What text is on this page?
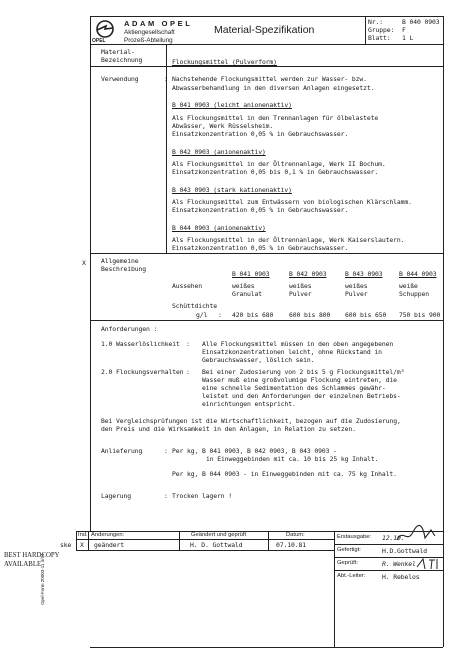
OPEL
ADAM OPEL
Aktiengesellschaft
Prozeß-Abteilung
Material-Spezifikation
Nr.:	B 040 0903
Gruppe: F
Blatt: 1 L
Material-
Bezeichnung	Flockungsmittel (Pulverform)
Verwendung	: Nachstehende Flockungsmittel werden zur Wasser- bzw.
Abwasserbehandlung in den diversen Anlagen eingesetzt.
B 041 0903 (leicht anionenaktiv)
Als Flockungsmittel in den Trennanlagen für ölbelastete
Abwässer, Werk Rüsselsheim.
Einsatzkonzentration 0,05 % in Gebrauchswasser.
B 042 0903 (anionenaktiv)
Als Flockungsmittel in der Öltrennanlage, Werk II Bochum.
Einsatzkonzentration 0,05 bis 0,1 % in Gebrauchswasser.
B 043 0903 (stark kationenaktiv)
Als Flockungsmittel zum Entwässern von biologischen Klärschlamm.
Einsatzkonzentration 0,05 % in Gebrauchswasser.
B 044 0903 (anionenaktiv)
Als Flockungsmittel in der Öltrennanlage, Werk Kaiserslautern.
Einsatzkonzentration 0,05 % in Gebrauchswasser.
X Allgemeine
Beschreibung
B 041 0903	B 042 0903	B 043 0903	B 044 0903
Aussehen	weißes	weißes	weißes	weiße
Granulat	Pulver	Pulver	Schuppen
Schüttdichte
g/l : 420 bis 680 600 bis 800 600 bis 650 750 bis 900
Anforderungen :
1.0 Wasserlöslichkeit : Alle Flockungsmittel müssen in den oben angegebenen
Einsatzkonzentrationen leicht, ohne Rückstand in
Gebrauchswasser, löslich sein.
2.0 Flockungsverhalten : Bei einer Zudosierung von 2 bis 5 g Flockungsmittel/m³
Wasser muß eine großvolumige Flockung eintreten, die
eine schnelle Sedimentation des Schlammes gewähr-
leistet und den Anforderungen der einzelnen Betriebs-
einrichtungen entspricht.
Bei Vergleichsprüfungen ist die Wirtschaftlichkeit, bezogen auf die Zudosierung,
den Preis und die Wirksamkeit in den Anlagen, in Relation zu setzen.
Anlieferung	: Per kg, B 041 0903, B 042 0903, B 043 0903 -
in Einweggebinden mit ca. 10 bis 25 kg Inhalt.
Per kg, B 044 0903 - in Einweggebinden mit ca. 75 kg Inhalt.
Lagerung	: Trocken lagern !
Ind. Änderungen:	Geändert und geprüft	Datum:
X geändert	H. D. Gottwald	07.10.81
Erstausgabe: 12.10.
Gefertigt:	H.D.Gottwald
Geprüft:	R. Wenkel
Abt.-Leiter:	H. Rebelos
Opel-Form 20003-11 4/74
ske
BEST HARDCOPY
AVAILABLE
